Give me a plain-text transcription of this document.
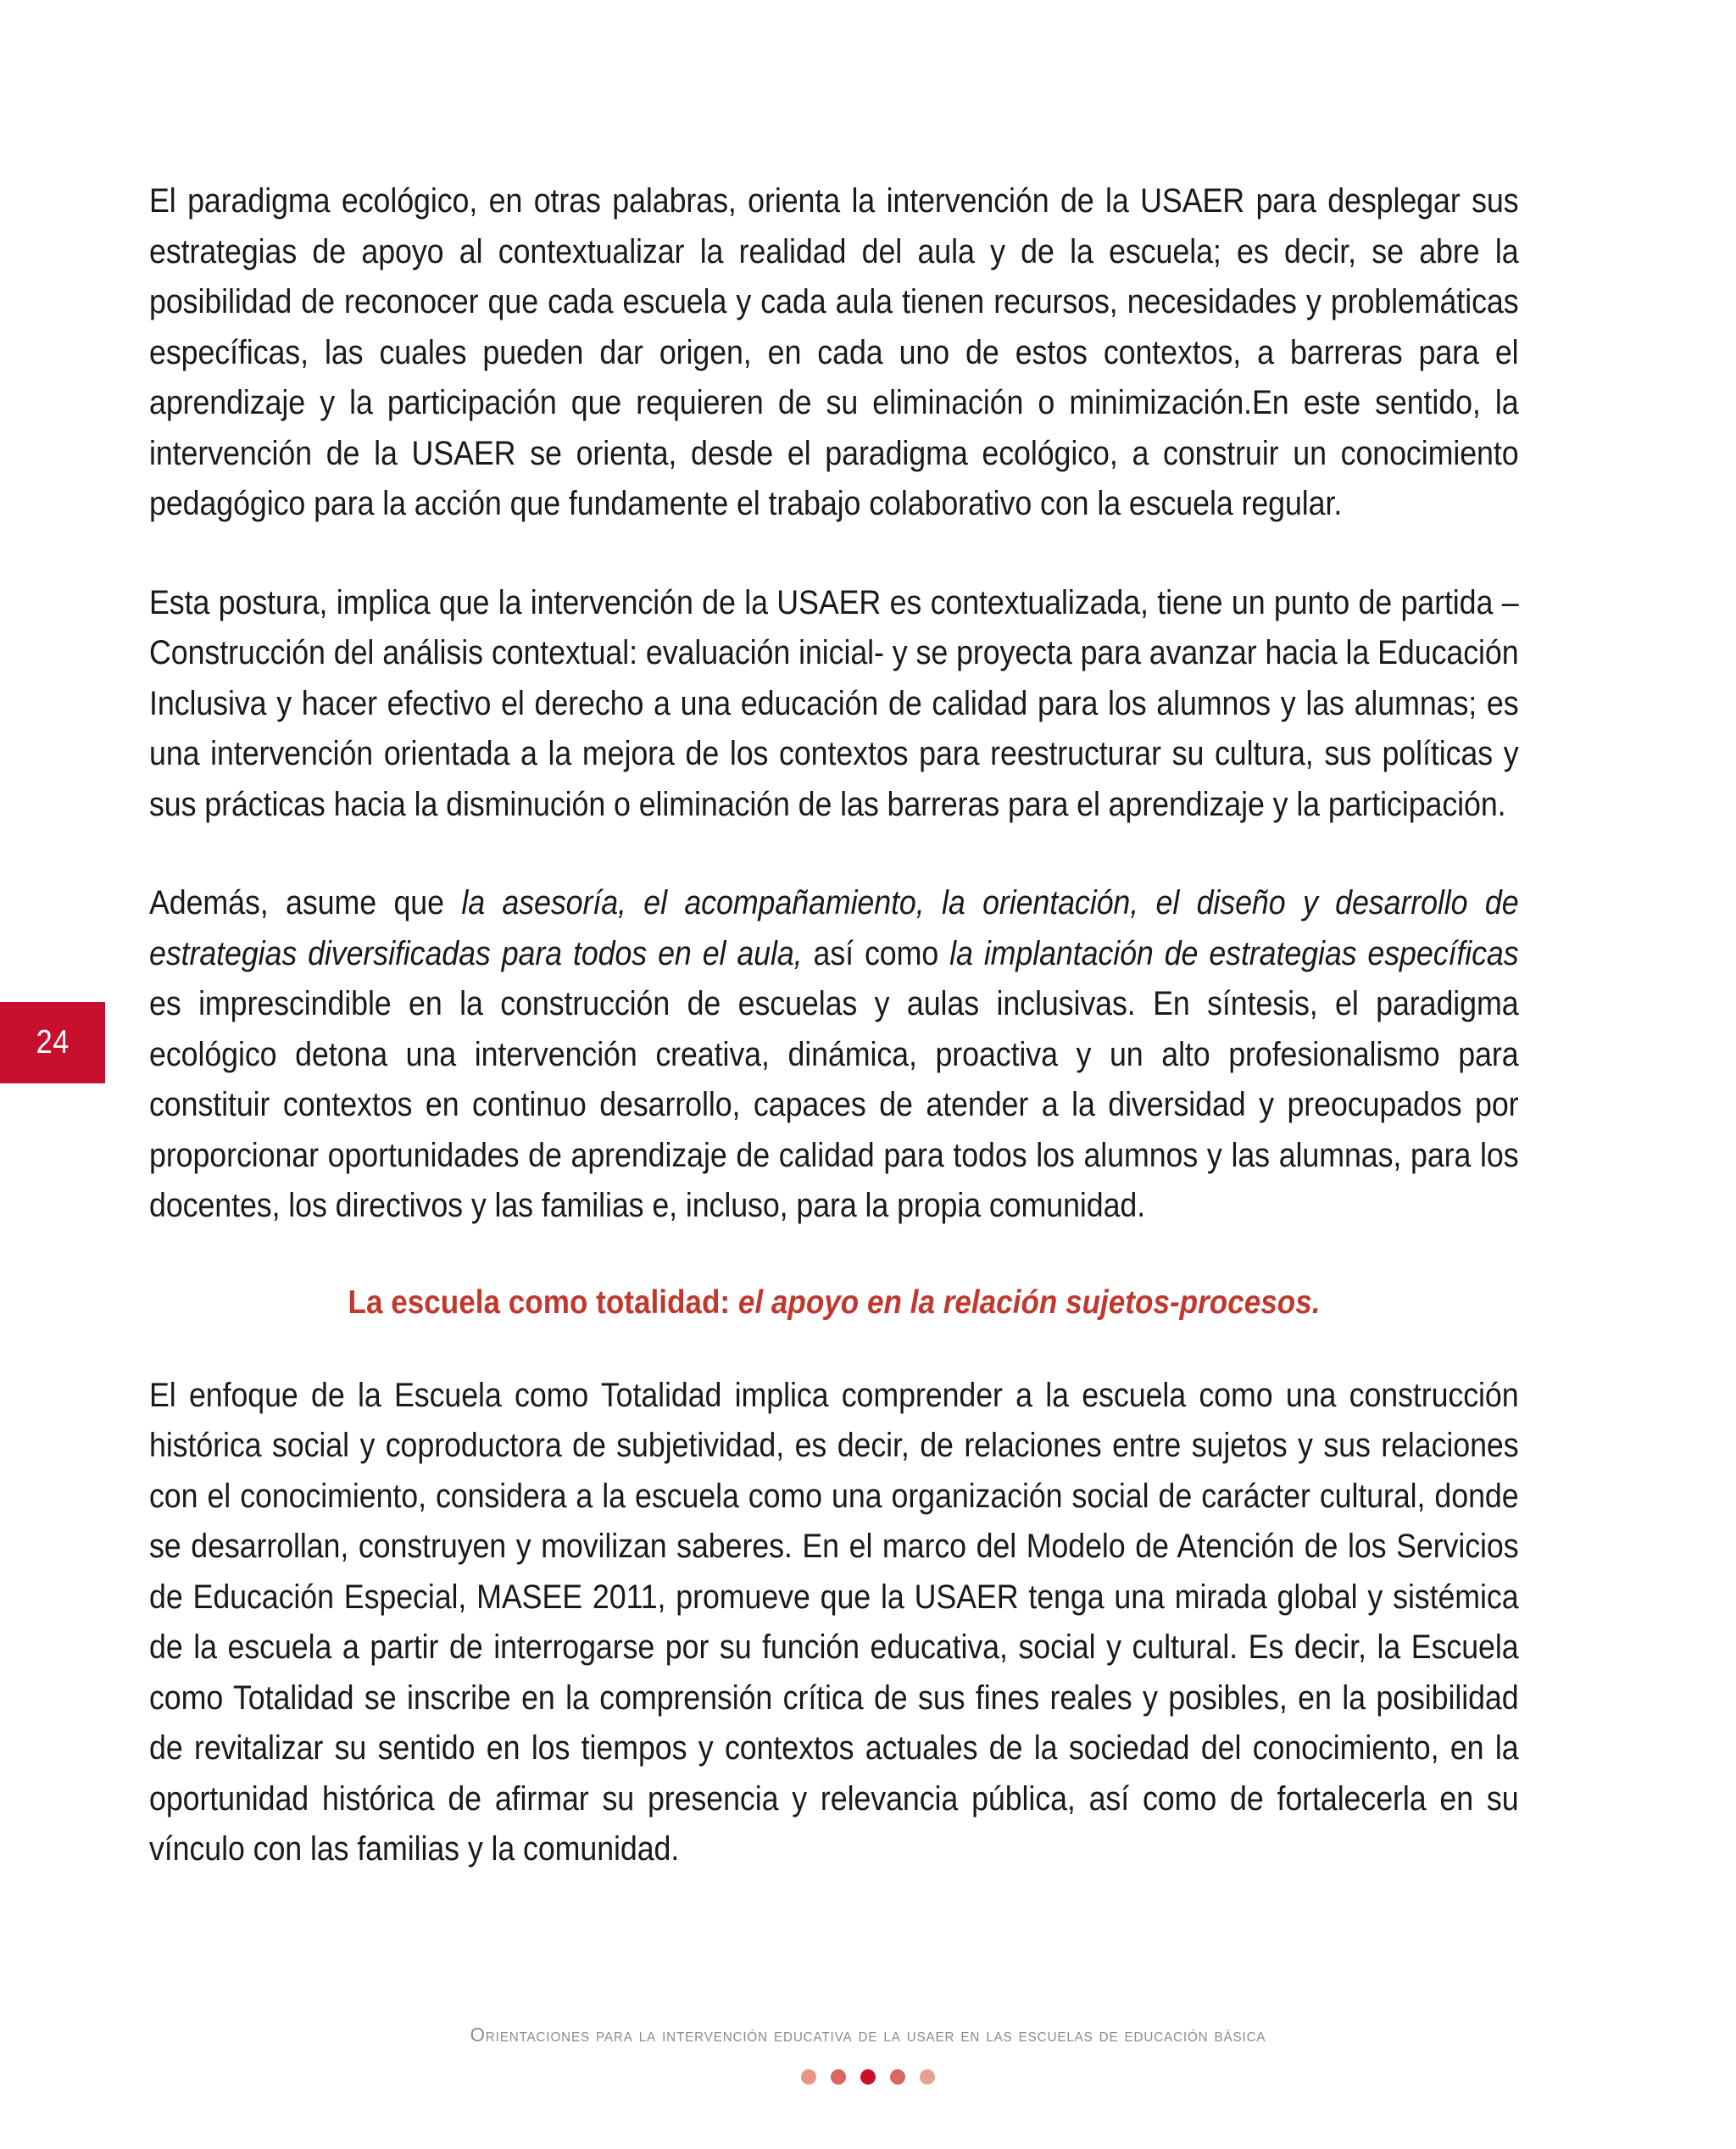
24

El paradigma ecológico, en otras palabras, orienta la intervención de la USAER para desplegar sus estrategias de apoyo al contextualizar la realidad del aula y de la escuela; es decir, se abre la posibilidad de reconocer que cada escuela y cada aula tienen recursos, necesidades y problemáticas específicas, las cuales pueden dar origen, en cada uno de estos contextos, a barreras para el aprendizaje y la participación que requieren de su eliminación o minimización.En este sentido, la intervención de la USAER se orienta, desde el paradigma ecológico, a construir un conocimiento pedagógico para la acción que fundamente el trabajo colaborativo con la escuela regular.

Esta postura, implica que la intervención de la USAER es contextualizada, tiene un punto de partida –Construcción del análisis contextual: evaluación inicial- y se proyecta para avanzar hacia la Educación Inclusiva y hacer efectivo el derecho a una educación de calidad para los alumnos y las alumnas; es una intervención orientada a la mejora de los contextos para reestructurar su cultura, sus políticas y sus prácticas hacia la disminución o eliminación de las barreras para el aprendizaje y la participación.

Además, asume que la asesoría, el acompañamiento, la orientación, el diseño y desarrollo de estrategias diversificadas para todos en el aula, así como la implantación de estrategias específicas es imprescindible en la construcción de escuelas y aulas inclusivas. En síntesis, el paradigma ecológico detona una intervención creativa, dinámica, proactiva y un alto profesionalismo para constituir contextos en continuo desarrollo, capaces de atender a la diversidad y preocupados por proporcionar oportunidades de aprendizaje de calidad para todos los alumnos y las alumnas, para los docentes, los directivos y las familias e, incluso, para la propia comunidad.

La escuela como totalidad: el apoyo en la relación sujetos-procesos.

El enfoque de la Escuela como Totalidad implica comprender a la escuela como una construcción histórica social y coproductora de subjetividad, es decir, de relaciones entre sujetos y sus relaciones con el conocimiento, considera a la escuela como una organización social de carácter cultural, donde se desarrollan, construyen y movilizan saberes. En el marco del Modelo de Atención de los Servicios de Educación Especial, MASEE 2011, promueve que la USAER tenga una mirada global y sistémica de la escuela a partir de interrogarse por su función educativa, social y cultural. Es decir, la Escuela como Totalidad se inscribe en la comprensión crítica de sus fines reales y posibles, en la posibilidad de revitalizar su sentido en los tiempos y contextos actuales de la sociedad del conocimiento, en la oportunidad histórica de afirmar su presencia y relevancia pública, así como de fortalecerla en su vínculo con las familias y la comunidad.

Orientaciones para la intervención educativa de la usaer en las escuelas de educación básica
